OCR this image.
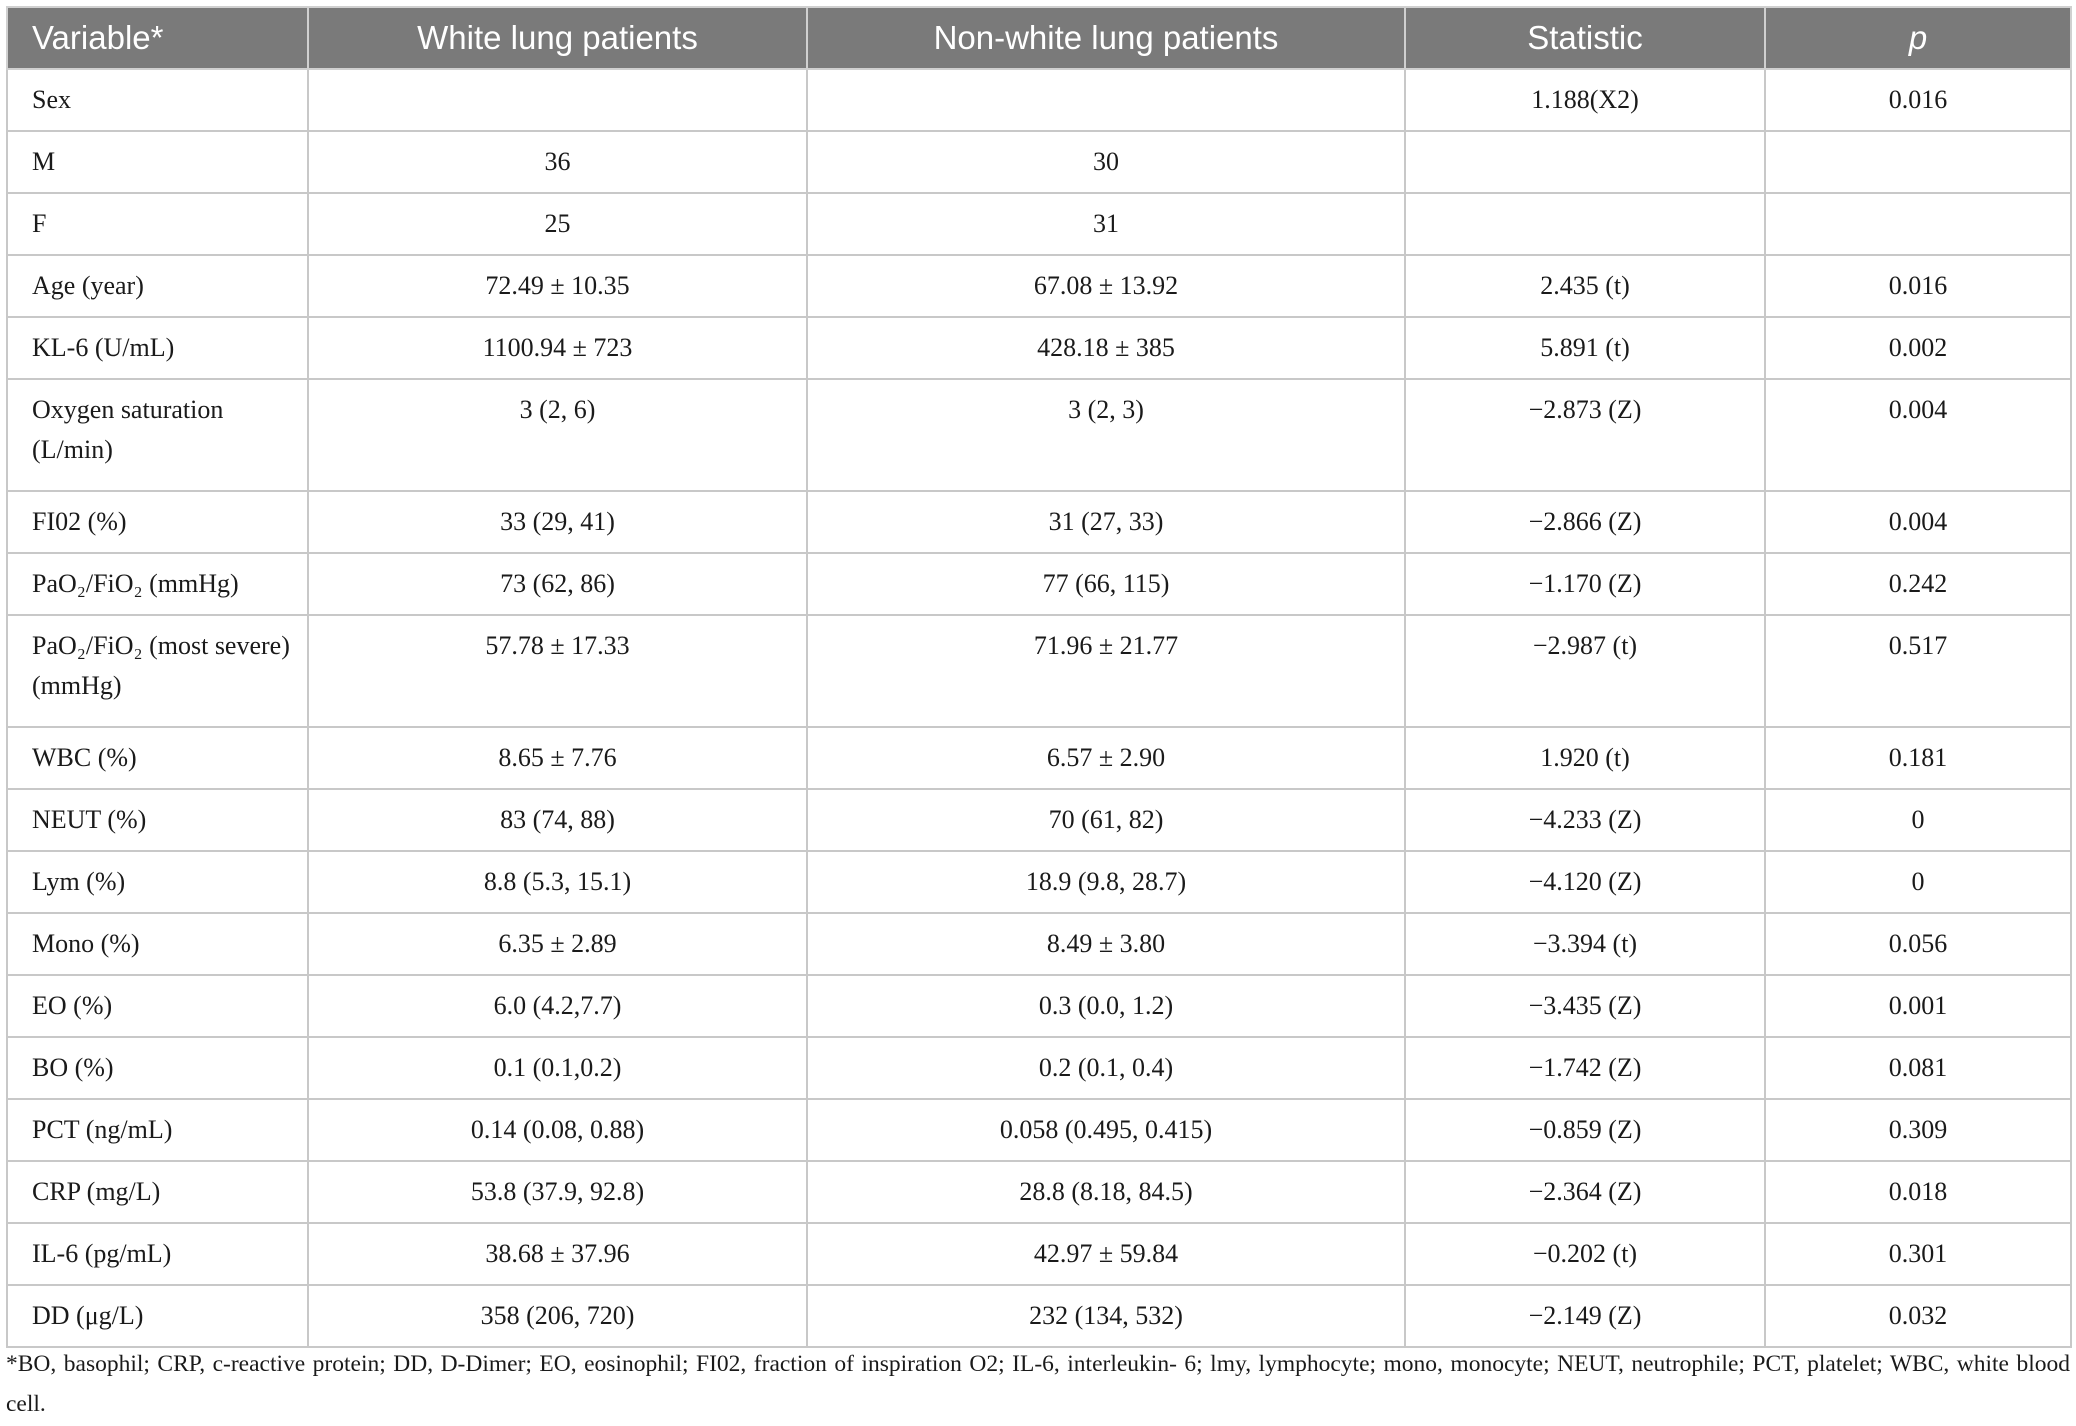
Variable*	White lung patients	Non-white lung patients	Statistic	p
Sex			1.188(X2)	0.016
M	36	30		
F	25	31		
Age (year)	72.49 ± 10.35	67.08 ± 13.92	2.435 (t)	0.016
KL-6 (U/mL)	1100.94 ± 723	428.18 ± 385	5.891 (t)	0.002
Oxygen saturation (L/min)	3 (2, 6)	3 (2, 3)	−2.873 (Z)	0.004
FI02 (%)	33 (29, 41)	31 (27, 33)	−2.866 (Z)	0.004
PaO₂/FiO₂ (mmHg)	73 (62, 86)	77 (66, 115)	−1.170 (Z)	0.242
PaO₂/FiO₂ (most severe) (mmHg)	57.78 ± 17.33	71.96 ± 21.77	−2.987 (t)	0.517
WBC (%)	8.65 ± 7.76	6.57 ± 2.90	1.920 (t)	0.181
NEUT (%)	83 (74, 88)	70 (61, 82)	−4.233 (Z)	0
Lym (%)	8.8 (5.3, 15.1)	18.9 (9.8, 28.7)	−4.120 (Z)	0
Mono (%)	6.35 ± 2.89	8.49 ± 3.80	−3.394 (t)	0.056
EO (%)	6.0 (4.2,7.7)	0.3 (0.0, 1.2)	−3.435 (Z)	0.001
BO (%)	0.1 (0.1,0.2)	0.2 (0.1, 0.4)	−1.742 (Z)	0.081
PCT (ng/mL)	0.14 (0.08, 0.88)	0.058 (0.495, 0.415)	−0.859 (Z)	0.309
CRP (mg/L)	53.8 (37.9, 92.8)	28.8 (8.18, 84.5)	−2.364 (Z)	0.018
IL-6 (pg/mL)	38.68 ± 37.96	42.97 ± 59.84	−0.202 (t)	0.301
DD (μg/L)	358 (206, 720)	232 (134, 532)	−2.149 (Z)	0.032
*BO, basophil; CRP, c-reactive protein; DD, D-Dimer; EO, eosinophil; FI02, fraction of inspiration O2; IL-6, interleukin- 6; lmy, lymphocyte; mono, monocyte; NEUT, neutrophile; PCT, platelet; WBC, white blood cell.
